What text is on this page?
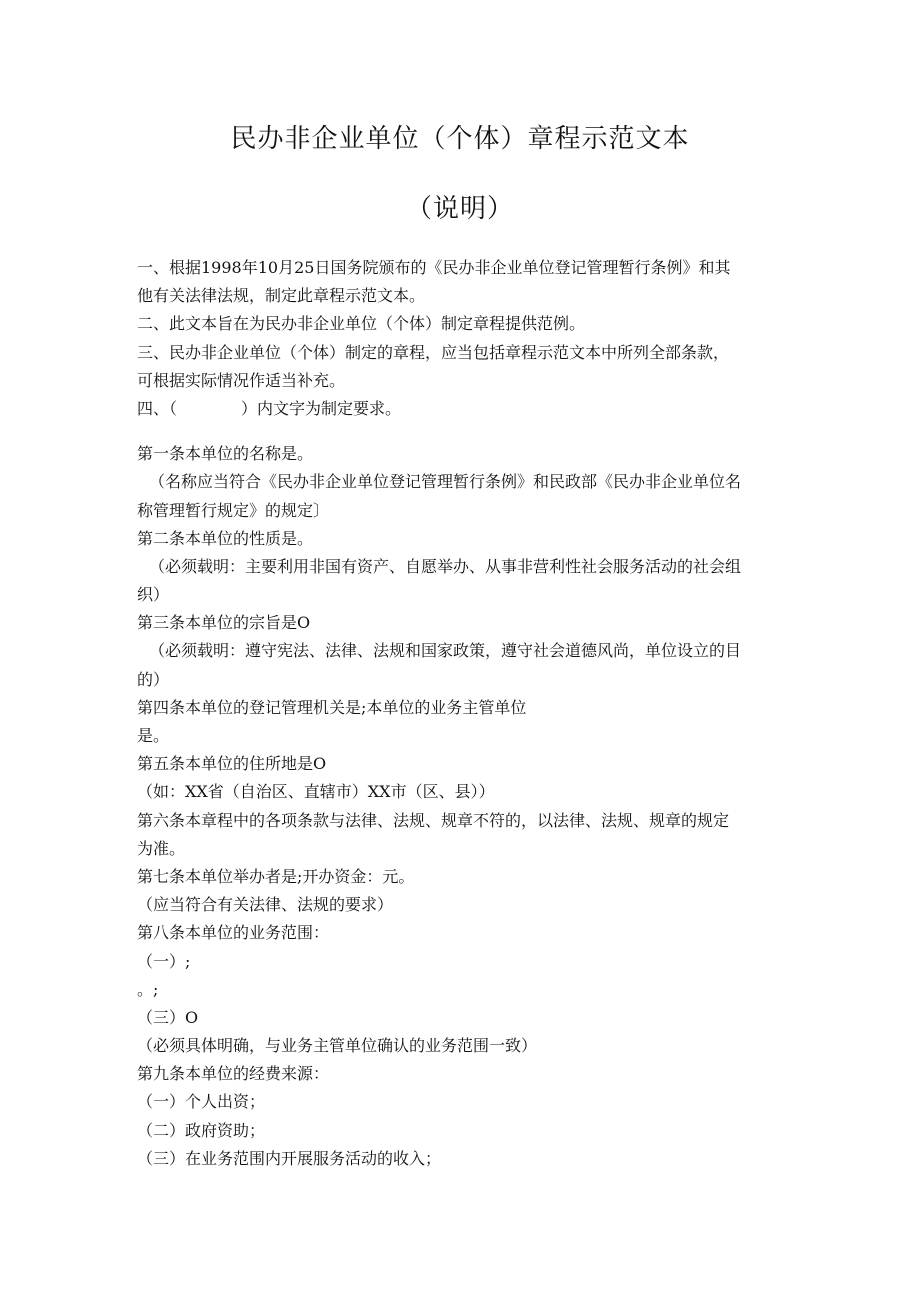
民办非企业单位（个体）章程示范文本
（说明）
一、根据1998年10月25日国务院颁布的《民办非企业单位登记管理暂行条例》和其
他有关法律法规，制定此章程示范文本。
二、此文本旨在为民办非企业单位（个体）制定章程提供范例。
三、民办非企业单位（个体）制定的章程，应当包括章程示范文本中所列全部条款，
可根据实际情况作适当补充。
四、（　　　　）内文字为制定要求。
第一条本单位的名称是。
（名称应当符合《民办非企业单位登记管理暂行条例》和民政部《民办非企业单位名
称管理暂行规定》的规定〕
第二条本单位的性质是。
（必须载明：主要利用非国有资产、自愿举办、从事非营利性社会服务活动的社会组
织）
第三条本单位的宗旨是O
（必须载明：遵守宪法、法律、法规和国家政策，遵守社会道德风尚，单位设立的目
的）
第四条本单位的登记管理机关是;本单位的业务主管单位
是。
第五条本单位的住所地是O
（如：XX省（自治区、直辖市）XX市（区、县））
第六条本章程中的各项条款与法律、法规、规章不符的，以法律、法规、规章的规定
为准。
第七条本单位举办者是;开办资金：元。
（应当符合有关法律、法规的要求）
第八条本单位的业务范围：
（一）;
。;
（三）O
（必须具体明确，与业务主管单位确认的业务范围一致）
第九条本单位的经费来源：
（一）个人出资；
（二）政府资助；
（三）在业务范围内开展服务活动的收入；
